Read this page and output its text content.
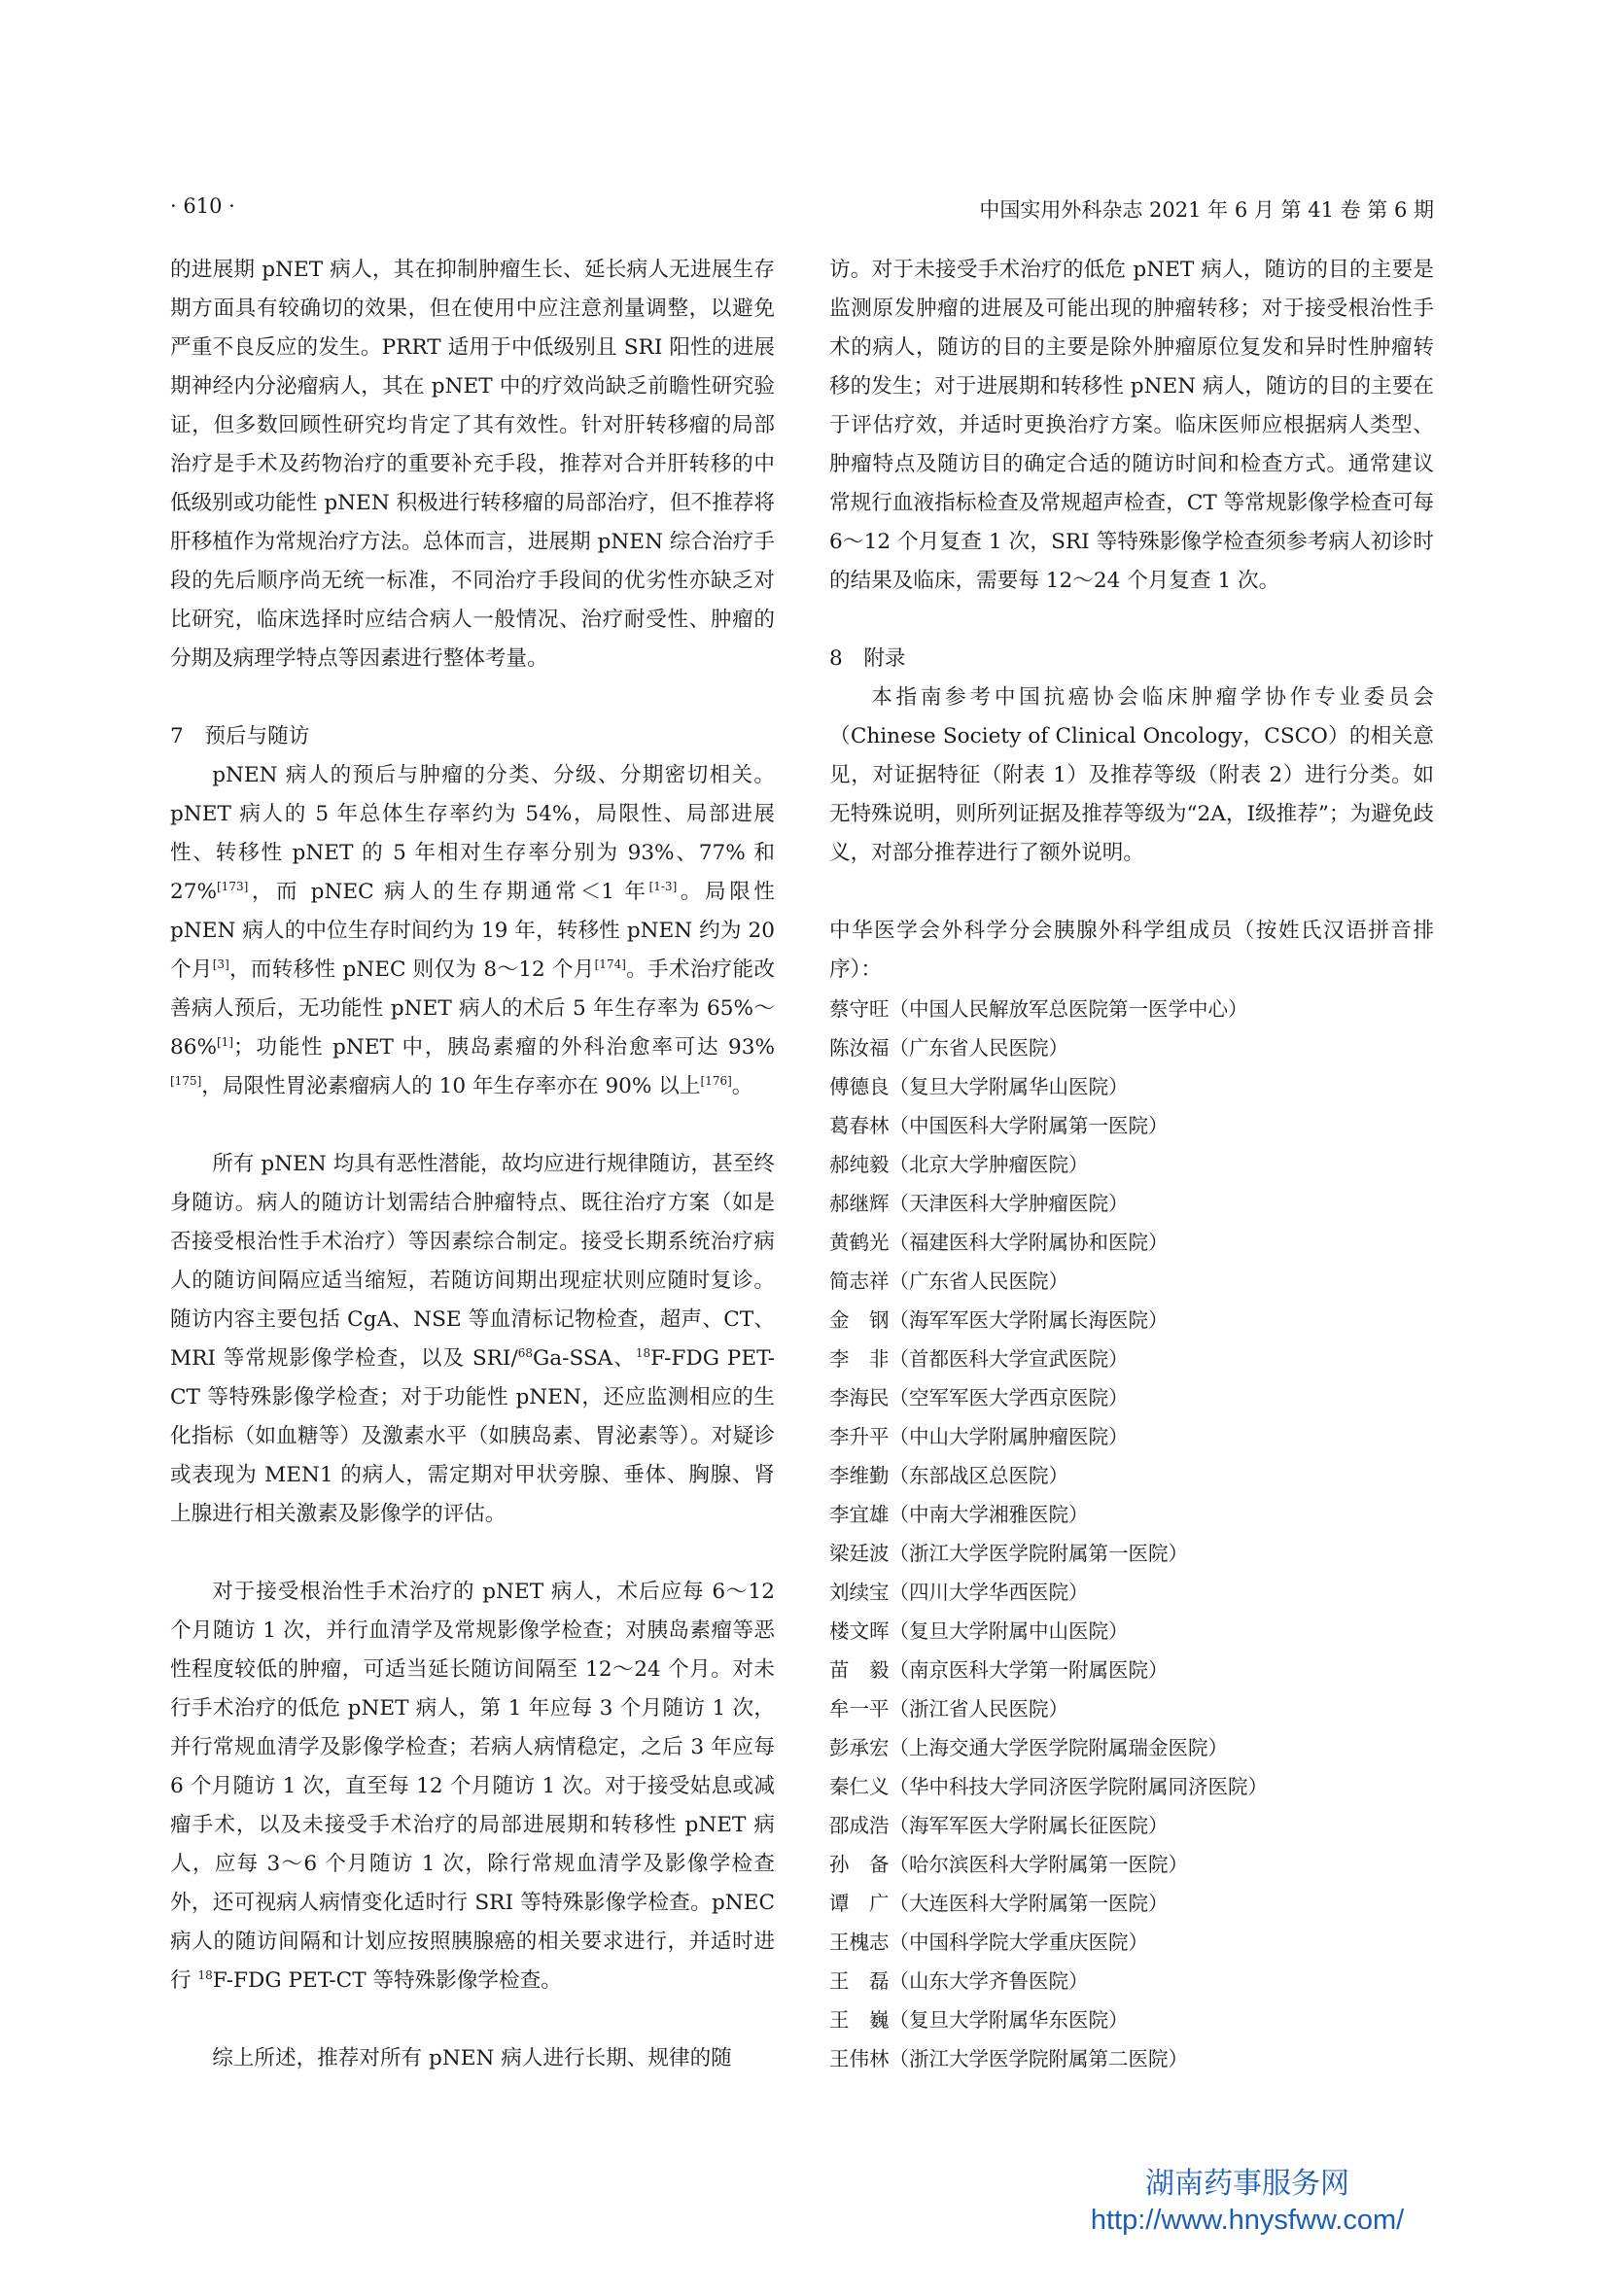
· 610 ·	中国实用外科杂志 2021 年 6 月 第 41 卷 第 6 期

的进展期 pNET 病人，其在抑制肿瘤生长、延长病人无进展生存期方面具有较确切的效果，但在使用中应注意剂量调整，以避免严重不良反应的发生。PRRT 适用于中低级别且 SRI 阳性的进展期神经内分泌瘤病人，其在 pNET 中的疗效尚缺乏前瞻性研究验证，但多数回顾性研究均肯定了其有效性。针对肝转移瘤的局部治疗是手术及药物治疗的重要补充手段，推荐对合并肝转移的中低级别或功能性 pNEN 积极进行转移瘤的局部治疗，但不推荐将肝移植作为常规治疗方法。总体而言，进展期 pNEN 综合治疗手段的先后顺序尚无统一标准，不同治疗手段间的优劣性亦缺乏对比研究，临床选择时应结合病人一般情况、治疗耐受性、肿瘤的分期及病理学特点等因素进行整体考量。

7　预后与随访

pNEN 病人的预后与肿瘤的分类、分级、分期密切相关。pNET 病人的 5 年总体生存率约为 54%，局限性、局部进展性、转移性 pNET 的 5 年相对生存率分别为 93%、77% 和 27%[173]，而 pNEC 病人的生存期通常＜1 年[1-3]。局限性 pNEN 病人的中位生存时间约为 19 年，转移性 pNEN 约为 20 个月[3]，而转移性 pNEC 则仅为 8～12 个月[174]。手术治疗能改善病人预后，无功能性 pNET 病人的术后 5 年生存率为 65%～86%[1]；功能性 pNET 中，胰岛素瘤的外科治愈率可达 93%[175]，局限性胃泌素瘤病人的 10 年生存率亦在 90% 以上[176]。

所有 pNEN 均具有恶性潜能，故均应进行规律随访，甚至终身随访。病人的随访计划需结合肿瘤特点、既往治疗方案（如是否接受根治性手术治疗）等因素综合制定。接受长期系统治疗病人的随访间隔应适当缩短，若随访间期出现症状则应随时复诊。随访内容主要包括 CgA、NSE 等血清标记物检查，超声、CT、MRI 等常规影像学检查，以及 SRI/$^{68}$Ga-SSA、$^{18}$F-FDG PET-CT 等特殊影像学检查；对于功能性 pNEN，还应监测相应的生化指标（如血糖等）及激素水平（如胰岛素、胃泌素等）。对疑诊或表现为 MEN1 的病人，需定期对甲状旁腺、垂体、胸腺、肾上腺进行相关激素及影像学的评估。

对于接受根治性手术治疗的 pNET 病人，术后应每 6～12 个月随访 1 次，并行血清学及常规影像学检查；对胰岛素瘤等恶性程度较低的肿瘤，可适当延长随访间隔至 12～24 个月。对未行手术治疗的低危 pNET 病人，第 1 年应每 3 个月随访 1 次，并行常规血清学及影像学检查；若病人病情稳定，之后 3 年应每 6 个月随访 1 次，直至每 12 个月随访 1 次。对于接受姑息或减瘤手术，以及未接受手术治疗的局部进展期和转移性 pNET 病人，应每 3～6 个月随访 1 次，除行常规血清学及影像学检查外，还可视病人病情变化适时行 SRI 等特殊影像学检查。pNEC 病人的随访间隔和计划应按照胰腺癌的相关要求进行，并适时进行 $^{18}$F-FDG PET-CT 等特殊影像学检查。

综上所述，推荐对所有 pNEN 病人进行长期、规律的随

访。对于未接受手术治疗的低危 pNET 病人，随访的目的主要是监测原发肿瘤的进展及可能出现的肿瘤转移；对于接受根治性手术的病人，随访的目的主要是除外肿瘤原位复发和异时性肿瘤转移的发生；对于进展期和转移性 pNEN 病人，随访的目的主要在于评估疗效，并适时更换治疗方案。临床医师应根据病人类型、肿瘤特点及随访目的确定合适的随访时间和检查方式。通常建议常规行血液指标检查及常规超声检查，CT 等常规影像学检查可每 6～12 个月复查 1 次，SRI 等特殊影像学检查须参考病人初诊时的结果及临床，需要每 12～24 个月复查 1 次。

8　附录

本指南参考中国抗癌协会临床肿瘤学协作专业委员会（Chinese Society of Clinical Oncology，CSCO）的相关意见，对证据特征（附表 1）及推荐等级（附表 2）进行分类。如无特殊说明，则所列证据及推荐等级为“2A，Ⅰ级推荐”；为避免歧义，对部分推荐进行了额外说明。

中华医学会外科学分会胰腺外科学组成员（按姓氏汉语拼音排序）：

蔡守旺（中国人民解放军总医院第一医学中心）
陈汝福（广东省人民医院）
傅德良（复旦大学附属华山医院）
葛春林（中国医科大学附属第一医院）
郝纯毅（北京大学肿瘤医院）
郝继辉（天津医科大学肿瘤医院）
黄鹤光（福建医科大学附属协和医院）
简志祥（广东省人民医院）
金　钢（海军军医大学附属长海医院）
李　非（首都医科大学宣武医院）
李海民（空军军医大学西京医院）
李升平（中山大学附属肿瘤医院）
李维勤（东部战区总医院）
李宜雄（中南大学湘雅医院）
梁廷波（浙江大学医学院附属第一医院）
刘续宝（四川大学华西医院）
楼文晖（复旦大学附属中山医院）
苗　毅（南京医科大学第一附属医院）
牟一平（浙江省人民医院）
彭承宏（上海交通大学医学院附属瑞金医院）
秦仁义（华中科技大学同济医学院附属同济医院）
邵成浩（海军军医大学附属长征医院）
孙　备（哈尔滨医科大学附属第一医院）
谭　广（大连医科大学附属第一医院）
王槐志（中国科学院大学重庆医院）
王　磊（山东大学齐鲁医院）
王　巍（复旦大学附属华东医院）
王伟林（浙江大学医学院附属第二医院）
湖南药事服务网
http://www.hnysfww.com/
